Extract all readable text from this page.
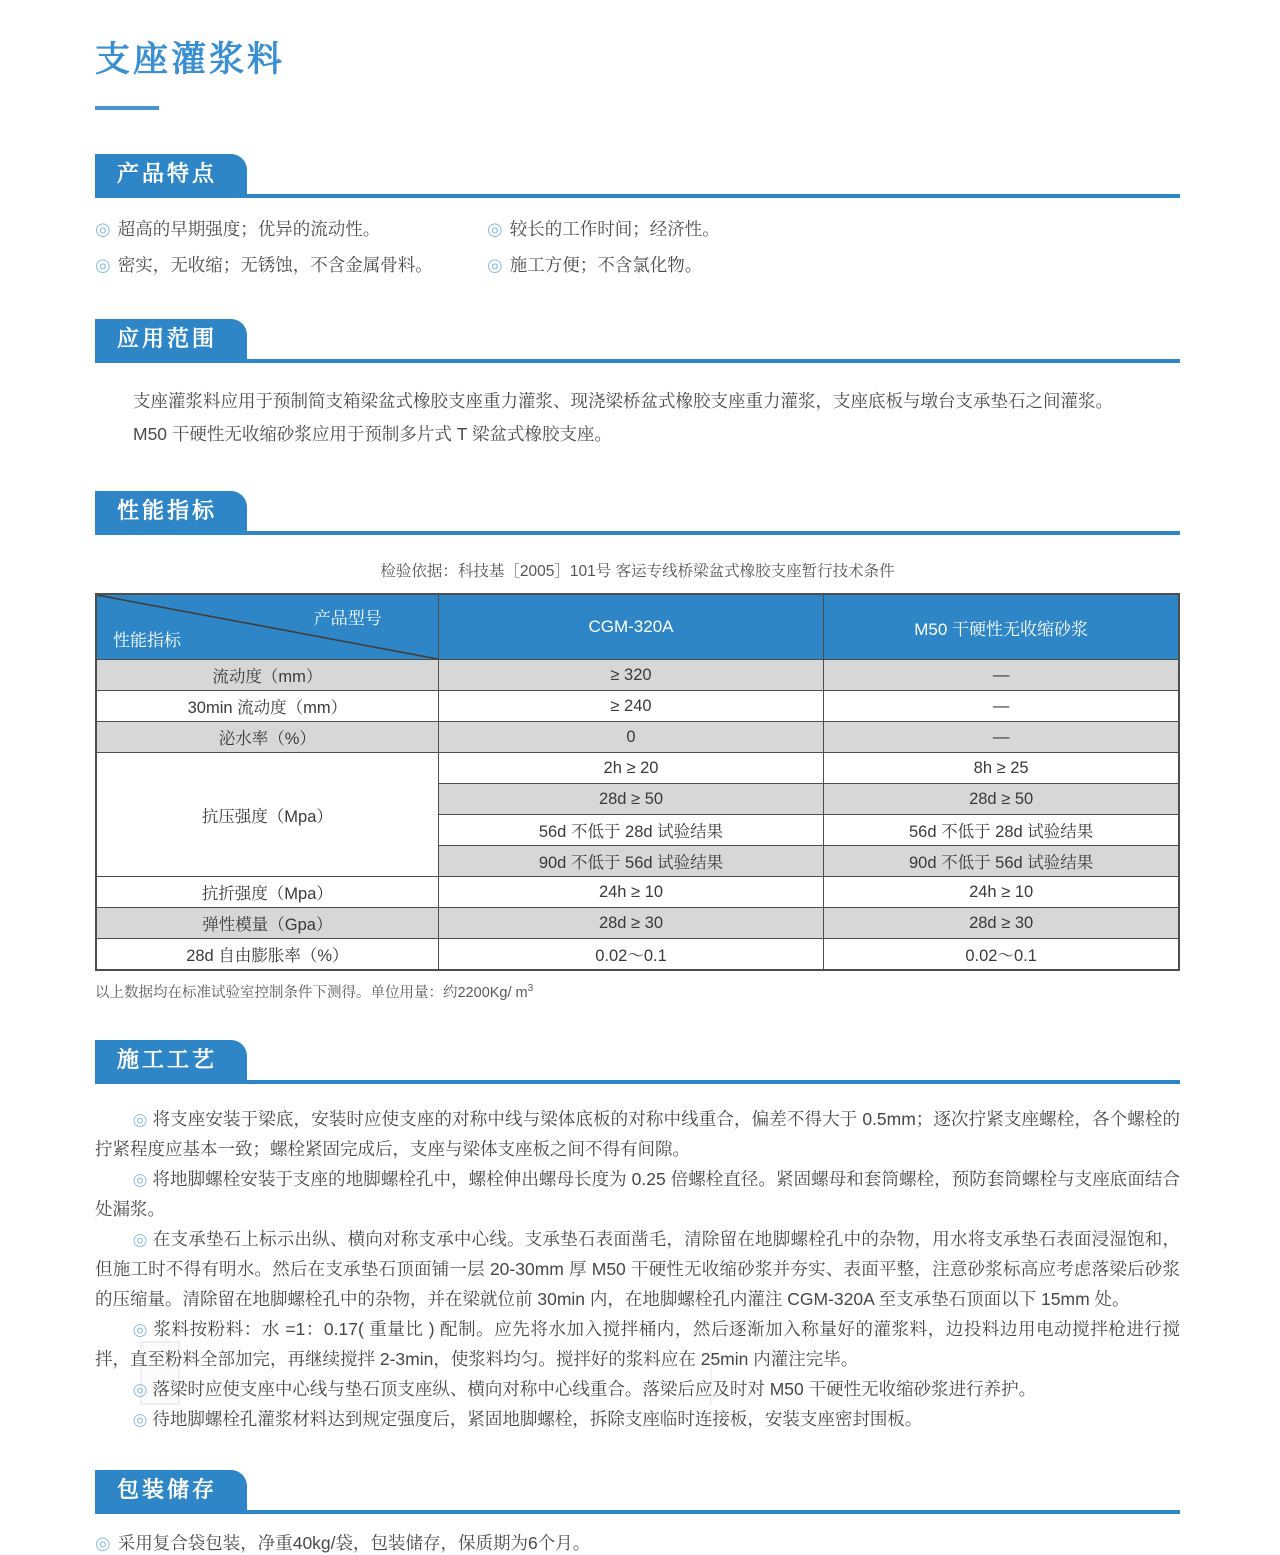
支座灌浆料
产品特点
◎ 超高的早期强度；优异的流动性。	◎ 较长的工作时间；经济性。
◎ 密实，无收缩；无锈蚀，不含金属骨料。	◎ 施工方便；不含氯化物。
应用范围
支座灌浆料应用于预制简支箱梁盆式橡胶支座重力灌浆、现浇梁桥盆式橡胶支座重力灌浆，支座底板与墩台支承垫石之间灌浆。
M50 干硬性无收缩砂浆应用于预制多片式 T 梁盆式橡胶支座。
性能指标
检验依据：科技基［2005］101号 客运专线桥梁盆式橡胶支座暂行技术条件
产品型号
性能指标	CGM-320A	M50 干硬性无收缩砂浆
流动度（mm）	≥ 320	—
30min 流动度（mm）	≥ 240	—
泌水率（%）	0	—
抗压强度（Mpa）	2h ≥ 20	8h ≥ 25
	28d ≥ 50	28d ≥ 50
	56d 不低于 28d 试验结果	56d 不低于 28d 试验结果
	90d 不低于 56d 试验结果	90d 不低于 56d 试验结果
抗折强度（Mpa）	24h ≥ 10	24h ≥ 10
弹性模量（Gpa）	28d ≥ 30	28d ≥ 30
28d 自由膨胀率（%）	0.02～0.1	0.02～0.1
以上数据均在标准试验室控制条件下测得。单位用量：约2200Kg/ $m^3$
施工工艺

◎ 将支座安装于梁底，安装时应使支座的对称中线与梁体底板的对称中线重合，偏差不得大于 0.5mm；逐次拧紧支座螺栓，各个螺栓的拧紧程度应基本一致；螺栓紧固完成后，支座与梁体支座板之间不得有间隙。

◎ 将地脚螺栓安装于支座的地脚螺栓孔中，螺栓伸出螺母长度为 0.25 倍螺栓直径。紧固螺母和套筒螺栓，预防套筒螺栓与支座底面结合处漏浆。

◎ 在支承垫石上标示出纵、横向对称支承中心线。支承垫石表面凿毛，清除留在地脚螺栓孔中的杂物，用水将支承垫石表面浸湿饱和，但施工时不得有明水。然后在支承垫石顶面铺一层 20-30mm 厚 M50 干硬性无收缩砂浆并夯实、表面平整，注意砂浆标高应考虑落梁后砂浆的压缩量。清除留在地脚螺栓孔中的杂物，并在梁就位前 30min 内，在地脚螺栓孔内灌注 CGM-320A 至支承垫石顶面以下 15mm 处。

◎ 浆料按粉料：水 =1：0.17( 重量比 ) 配制。应先将水加入搅拌桶内，然后逐渐加入称量好的灌浆料，边投料边用电动搅拌枪进行搅拌，直至粉料全部加完，再继续搅拌 2-3min，使浆料均匀。搅拌好的浆料应在 25min 内灌注完毕。

◎ 落梁时应使支座中心线与垫石顶支座纵、横向对称中心线重合。落梁后应及时对 M50 干硬性无收缩砂浆进行养护。

◎ 待地脚螺栓孔灌浆材料达到规定强度后，紧固地脚螺栓，拆除支座临时连接板，安装支座密封围板。

包装储存
◎ 采用复合袋包装，净重40kg/袋，包装储存，保质期为6个月。
